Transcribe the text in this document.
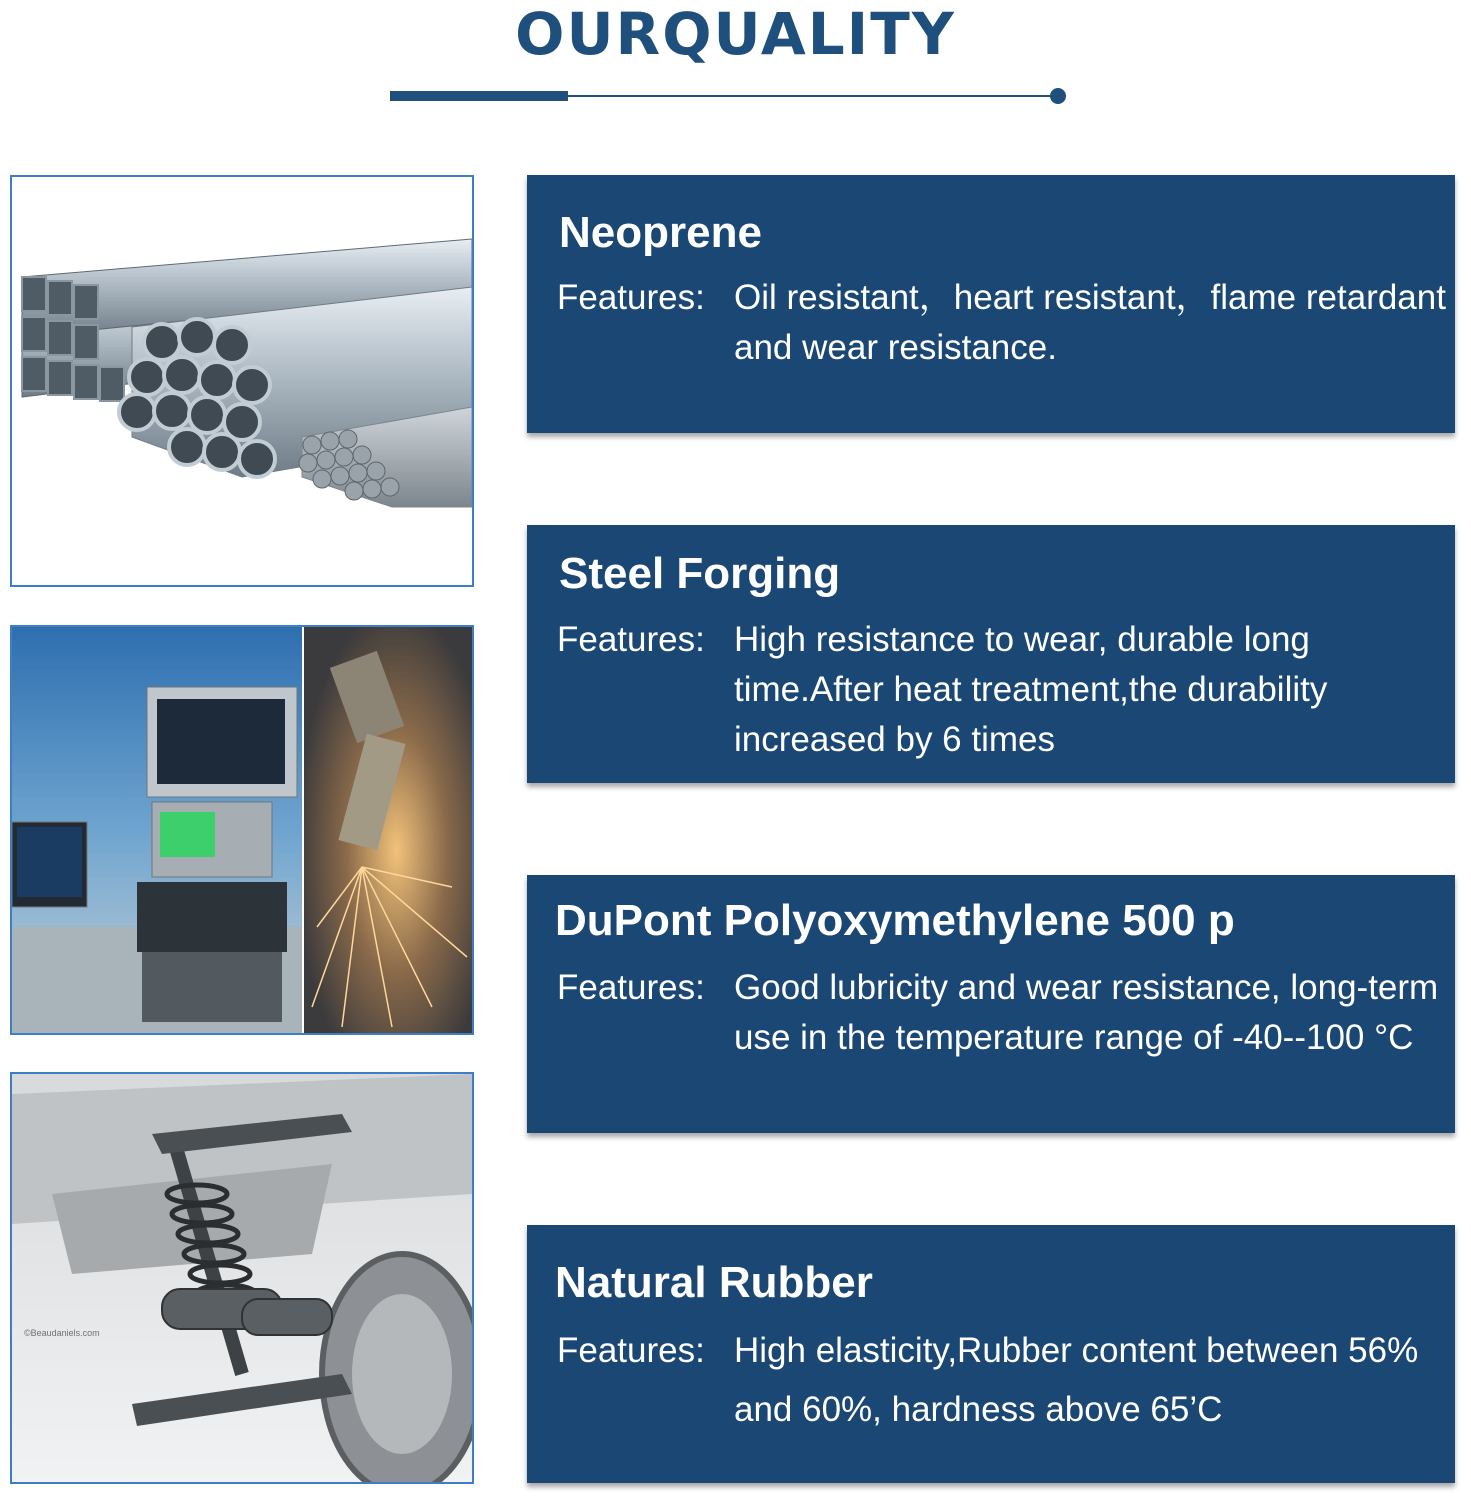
OURQUALITY
©Beaudaniels.com
Neoprene
Features: Oil resistant，heart resistant，flame retardant and wear resistance.
Steel Forging
Features: High resistance to wear, durable long time.After heat treatment,the durability increased by 6 times
DuPont Polyoxymethylene 500 p
Features: Good lubricity and wear resistance, long-term use in the temperature range of -40--100 °C
Natural Rubber
Features: High elasticity,Rubber content between 56% and 60%, hardness above 65’C
